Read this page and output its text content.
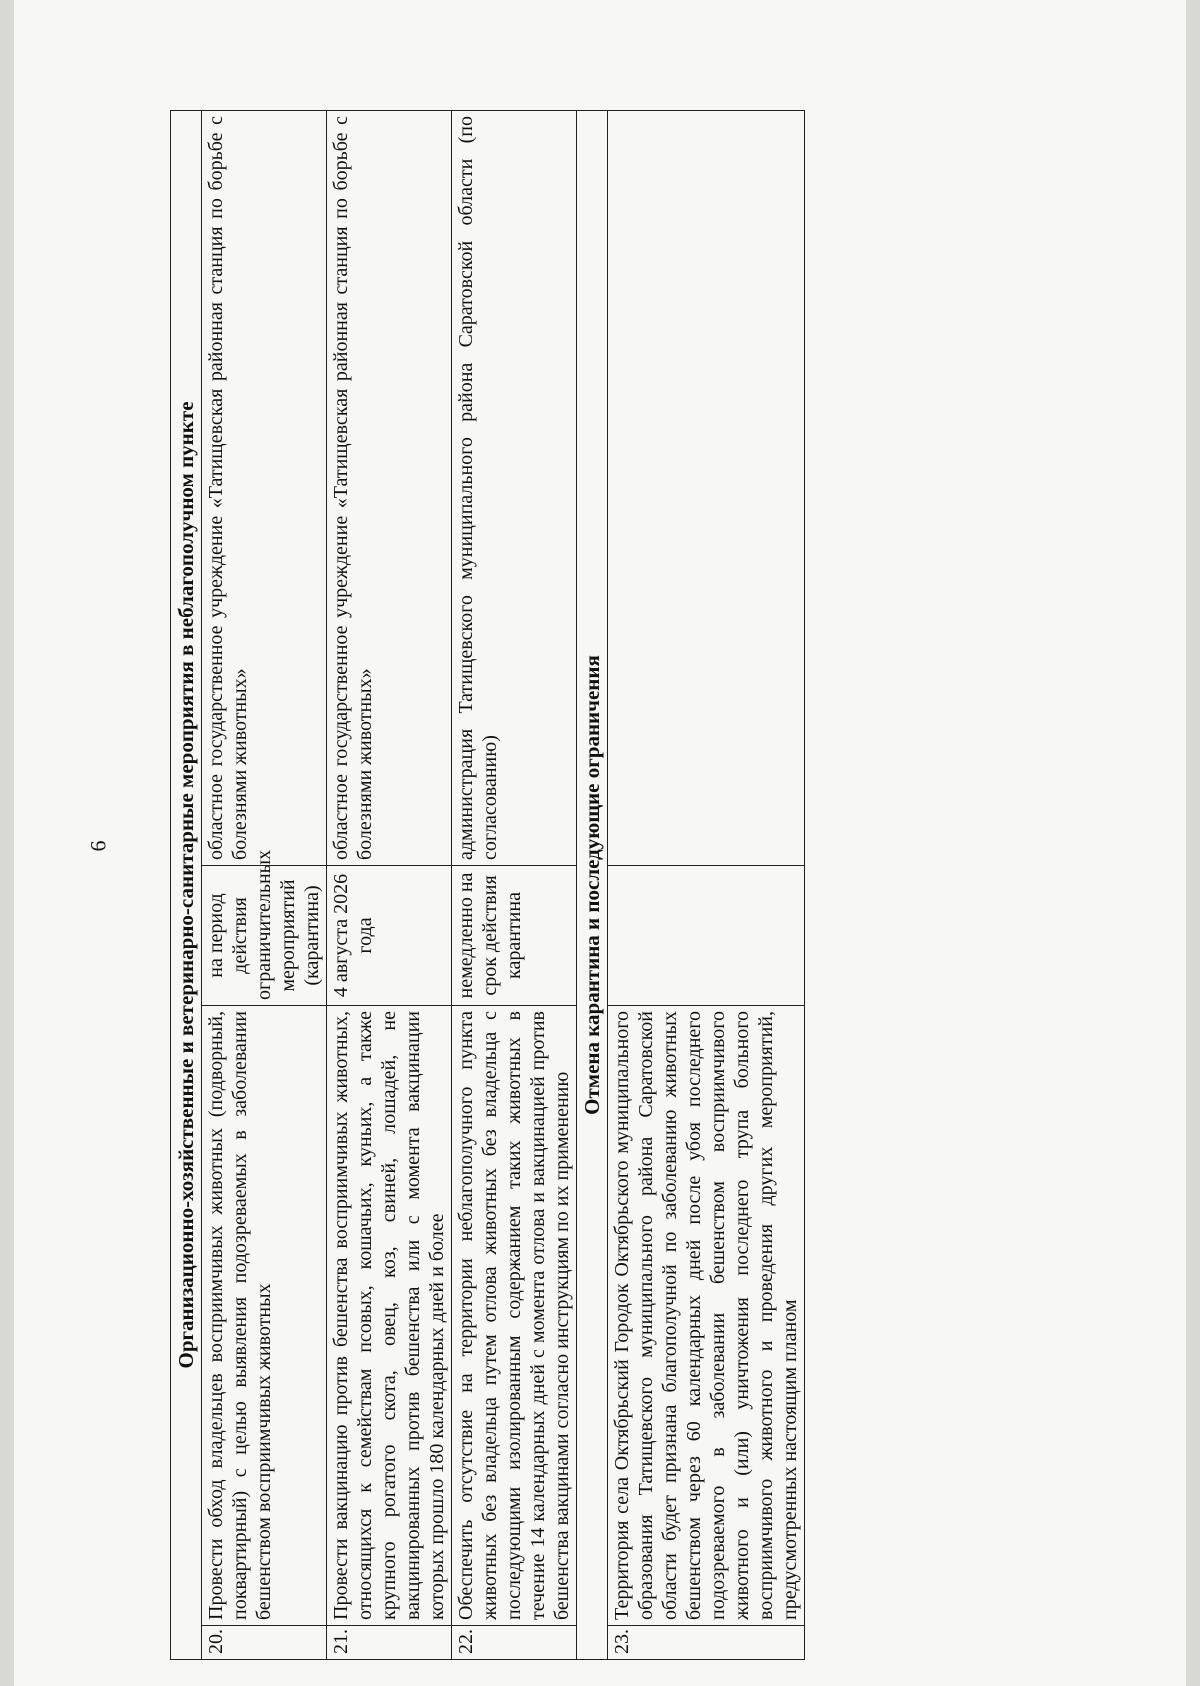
6	Организационно-хозяйственные и ветеринарно-санитарные мероприятия в неблагополучном пункте			
20.	Провести обход владельцев восприимчивых животных (подворный, поквартирный) с целью выявления подозреваемых в заболевании бешенством восприимчивых животных	на период действия ограничительных мероприятий (карантина)	областное государственное учреждение «Татищевская районная станция по борьбе с болезнями животных»
21.	Провести вакцинацию против бешенства восприимчивых животных, относящихся к семействам псовых, кошачьих, куньих, а также крупного рогатого скота, овец, коз, свиней, лошадей, не вакцинированных против бешенства или с момента вакцинации которых прошло 180 календарных дней и более	4 августа 2026 года	областное государственное учреждение «Татищевская районная станция по борьбе с болезнями животных»
22.	Обеспечить отсутствие на территории неблагополучного пункта животных без владельца путем отлова животных без владельца с последующими изолированным содержанием таких животных в течение 14 календарных дней с момента отлова и вакцинацией против бешенства вакцинами согласно инструкциям по их применению	немедленно на срок действия карантина	администрация Татищевского муниципального района Саратовской области (по согласованию)
Отмена карантина и последующие ограничения			
23.	Территория села Октябрьский Городок Октябрьского муниципального образования Татищевского муниципального района Саратовской области будет признана благополучной по заболеванию животных бешенством через 60 календарных дней после убоя последнего подозреваемого в заболевании бешенством восприимчивого животного и (или) уничтожения последнего трупа больного восприимчивого животного и проведения других мероприятий, предусмотренных настоящим планом		
